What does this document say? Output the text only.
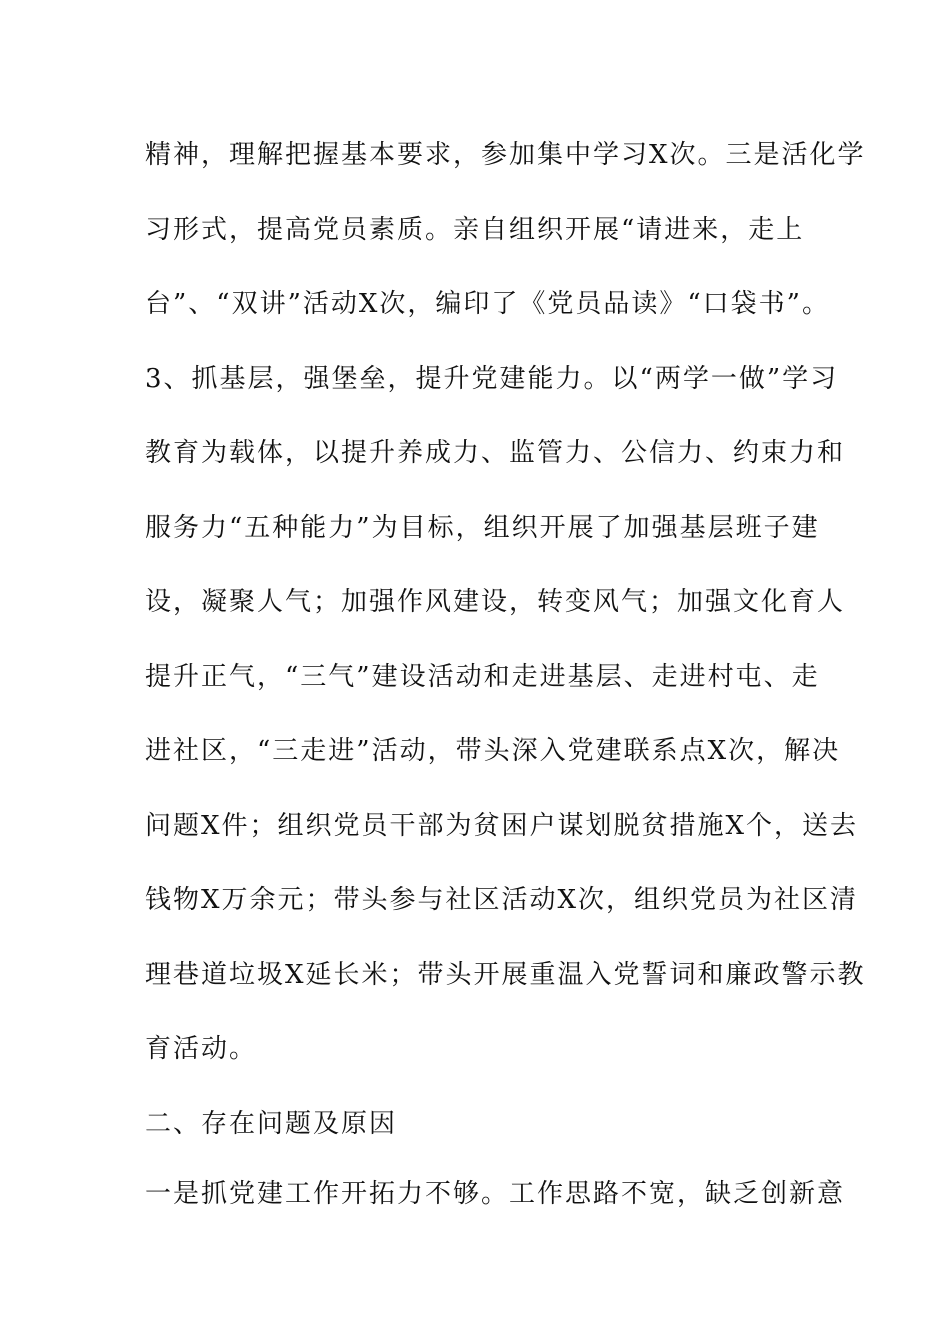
精神，理解把握基本要求，参加集中学习X次。三是活化学
习形式，提高党员素质。亲自组织开展“请进来，走上
台”、“双讲”活动X次，编印了《党员品读》“口袋书”。
3、抓基层，强堡垒，提升党建能力。以“两学一做”学习
教育为载体，以提升养成力、监管力、公信力、约束力和
服务力“五种能力”为目标，组织开展了加强基层班子建
设，凝聚人气；加强作风建设，转变风气；加强文化育人
提升正气，“三气”建设活动和走进基层、走进村屯、走
进社区，“三走进”活动，带头深入党建联系点X次，解决
问题X件；组织党员干部为贫困户谋划脱贫措施X个，送去
钱物X万余元；带头参与社区活动X次，组织党员为社区清
理巷道垃圾X延长米；带头开展重温入党誓词和廉政警示教
育活动。
二、存在问题及原因
一是抓党建工作开拓力不够。工作思路不宽，缺乏创新意
